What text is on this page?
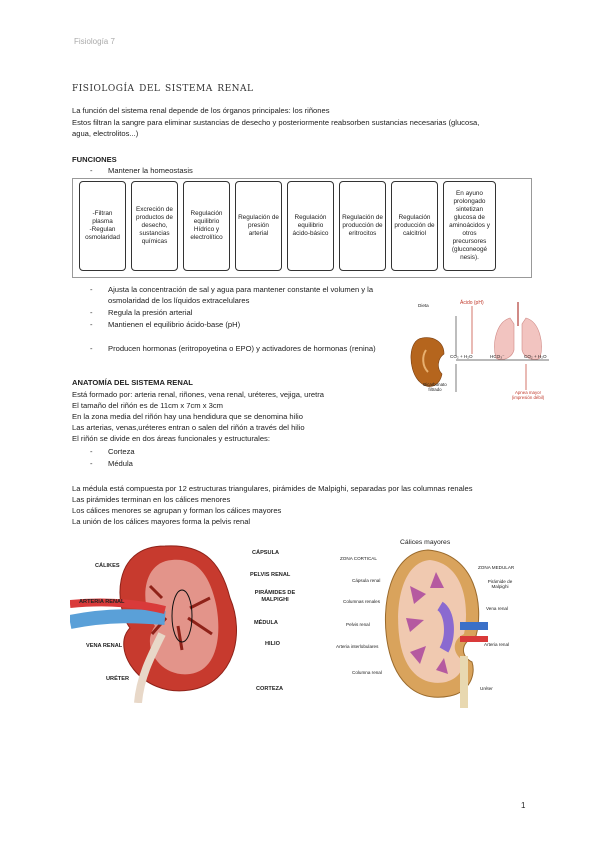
Fisiología 7
fisiología del sistema renal
La función del sistema renal depende de los órganos principales: los riñones
Estos filtran la sangre para eliminar sustancias de desecho y posteriormente reabsorben sustancias necesarias (glucosa,
agua, electrolitos...)
FUNCIONES
- Mantener la homeostasis
-Filtran plasma
-Regulan osmolaridad
Excreción de productos de desecho, sustancias químicas
Regulación equilibrio Hídrico y electrolítico
Regulación de presión arterial
Regulación equilibrio ácido-básico
Regulación de producción de eritrocitos
Regulación producción de calcitriol
En ayuno prolongado sintetizan glucosa de aminoácidos y otros precursores (gluconeogé nesis).
- Ajusta la concentración de sal y agua para mantener constante el volumen y la osmolaridad de los líquidos extracelulares
- Regula la presión arterial
- Mantienen el equilibrio ácido-base (pH)
- Producen hormonas (eritropoyetina o EPO) y activadores de hormonas (renina)
Dieta	Ácido (pH)
CO₂ + H₂O	HCO₃⁻	CO₂ + H₂O
Bicarbonato filtrado
Apnea mayor (impresión débil)
ANATOMÍA DEL SISTEMA RENAL
Está formado por: arteria renal, riñones, vena renal, uréteres, vejiga, uretra
El tamaño del riñón es de 11cm x 7cm x 3cm
En la zona media del riñón hay una hendidura que se denomina hilio
Las arterias, venas,uréteres entran o salen del riñón a través del hilio
El riñón se divide en dos áreas funcionales y estructurales:
- Corteza
- Médula
La médula está compuesta por 12 estructuras triangulares, pirámides de Malpighi, separadas por las columnas renales
Las pirámides terminan en los cálices menores
Los cálices menores se agrupan y forman los cálices mayores
La unión de los cálices mayores forma la pelvis renal
CÁLIKES
ARTERIA RENAL
VENA RENAL
URÉTER
CÁPSULA
PELVIS RENAL
PIRÁMIDES DE MALPIGHI
MÉDULA
HILIO
CORTEZA
Cálices mayores
ZONA CORTICAL
Cápsula renal
Columnas renales
Pelvis renal
Arteria interlobulares
Columna renal
ZONA MEDULAR
Pirámide de Malpighi
Vena renal
Arteria renal
Uréter
1
